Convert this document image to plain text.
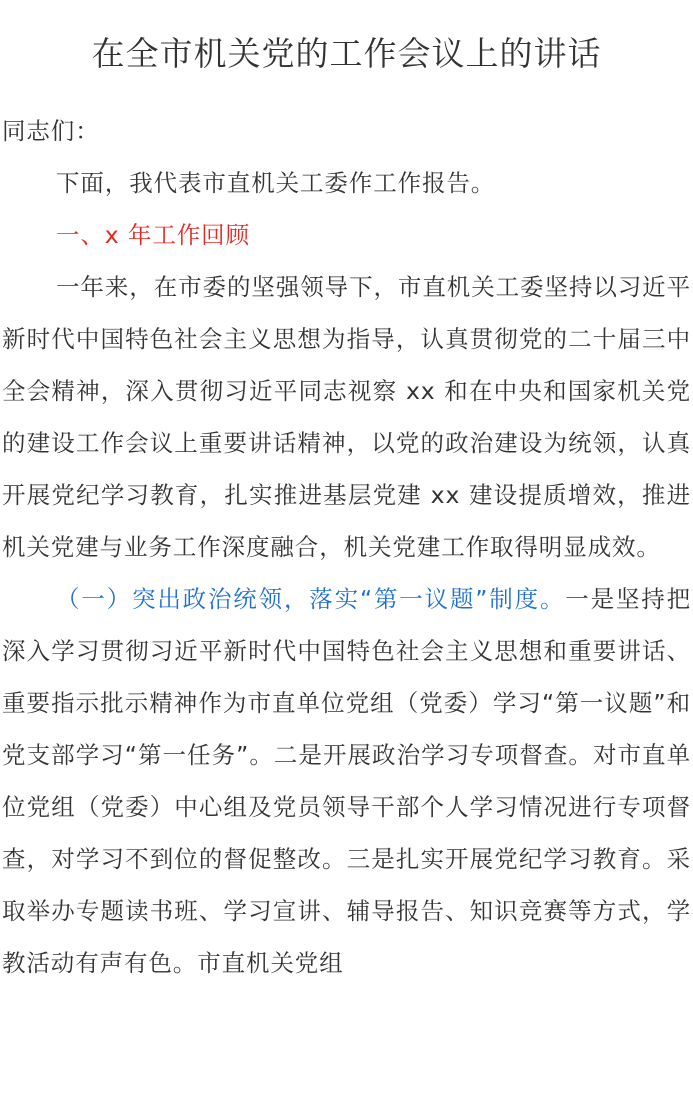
在全市机关党的工作会议上的讲话

同志们：

下面，我代表市直机关工委作工作报告。

一、x 年工作回顾

一年来，在市委的坚强领导下，市直机关工委坚持以习近平新时代中国特色社会主义思想为指导，认真贯彻党的二十届三中全会精神，深入贯彻习近平同志视察 xx 和在中央和国家机关党的建设工作会议上重要讲话精神，以党的政治建设为统领，认真开展党纪学习教育，扎实推进基层党建 xx 建设提质增效，推进机关党建与业务工作深度融合，机关党建工作取得明显成效。

（一）突出政治统领，落实“第一议题”制度。一是坚持把深入学习贯彻习近平新时代中国特色社会主义思想和重要讲话、重要指示批示精神作为市直单位党组（党委）学习“第一议题”和党支部学习“第一任务”。二是开展政治学习专项督查。对市直单位党组（党委）中心组及党员领导干部个人学习情况进行专项督查，对学习不到位的督促整改。三是扎实开展党纪学习教育。采取举办专题读书班、学习宣讲、辅导报告、知识竞赛等方式，学教活动有声有色。市直机关党组
